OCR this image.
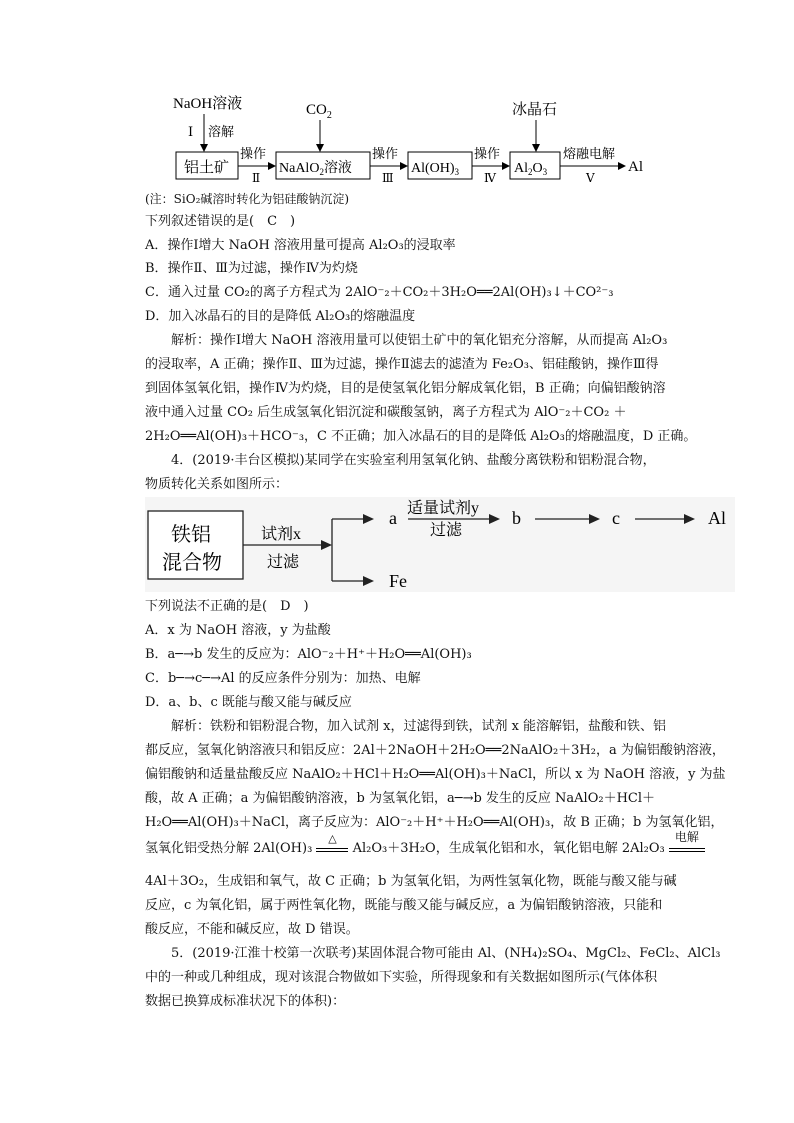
NaOH溶液
Ⅰ 溶解
$CO_2$	冰晶石
铝土矿
操作
Ⅱ
NaAlO$_2$溶液
操作
Ⅲ
$Al(OH)_3$
操作
Ⅳ
$Al_2O_3$
熔融电解
Ⅴ
Al
(注：SiO₂碱溶时转化为铝硅酸钠沉淀)
下列叙述错误的是(　C　)
A．操作Ⅰ增大 NaOH 溶液用量可提高 Al₂O₃的浸取率
B．操作Ⅱ、Ⅲ为过滤，操作Ⅳ为灼烧
C．通入过量 CO₂的离子方程式为 2AlO⁻₂＋CO₂＋3H₂O══2Al(OH)₃↓＋CO²⁻₃
D．加入冰晶石的目的是降低 Al₂O₃的熔融温度
　　解析：操作Ⅰ增大 NaOH 溶液用量可以使铝土矿中的氧化铝充分溶解，从而提高 Al₂O₃
的浸取率，A 正确；操作Ⅱ、Ⅲ为过滤，操作Ⅱ滤去的滤渣为 Fe₂O₃、铝硅酸钠，操作Ⅲ得
到固体氢氧化铝，操作Ⅳ为灼烧，目的是使氢氧化铝分解成氧化铝，B 正确；向偏铝酸钠溶
液中通入过量 CO₂ 后生成氢氧化铝沉淀和碳酸氢钠，离子方程式为 AlO⁻₂＋CO₂ ＋
2H₂O══Al(OH)₃＋HCO⁻₃，C 不正确；加入冰晶石的目的是降低 Al₂O₃的熔融温度，D 正确。
　　4．(2019·丰台区模拟)某同学在实验室利用氢氧化钠、盐酸分离铁粉和铝粉混合物，
物质转化关系如图所示：
铁铝
混合物
试剂x
过滤
a
Fe
适量试剂y
过滤
b	c	Al
下列说法不正确的是(　D　)
A．x 为 NaOH 溶液，y 为盐酸
B．a─→b 发生的反应为：AlO⁻₂＋H⁺＋H₂O══Al(OH)₃
C．b─→c─→Al 的反应条件分别为：加热、电解
D．a、b、c 既能与酸又能与碱反应
　　解析：铁粉和铝粉混合物，加入试剂 x，过滤得到铁，试剂 x 能溶解铝，盐酸和铁、铝
都反应，氢氧化钠溶液只和铝反应：2Al＋2NaOH＋2H₂O══2NaAlO₂＋3H₂，a 为偏铝酸钠溶液，
偏铝酸钠和适量盐酸反应 NaAlO₂＋HCl＋H₂O══Al(OH)₃＋NaCl，所以 x 为 NaOH 溶液，y 为盐
酸，故 A 正确；a 为偏铝酸钠溶液，b 为氢氧化铝，a─→b 发生的反应 NaAlO₂＋HCl＋
H₂O══Al(OH)₃＋NaCl，离子反应为：AlO⁻₂＋H⁺＋H₂O══Al(OH)₃，故 B 正确；b 为氢氧化铝，
氢氧化铝受热分解 2Al(OH)₃
△
Al₂O₃＋3H₂O，生成氧化铝和水，氧化铝电解 2Al₂O₃
电解
4Al＋3O₂，生成铝和氧气，故 C 正确；b 为氢氧化铝，为两性氢氧化物，既能与酸又能与碱
反应，c 为氧化铝，属于两性氧化物，既能与酸又能与碱反应，a 为偏铝酸钠溶液，只能和
酸反应，不能和碱反应，故 D 错误。
　　5．(2019·江淮十校第一次联考)某固体混合物可能由 Al、(NH₄)₂SO₄、MgCl₂、FeCl₂、AlCl₃
中的一种或几种组成，现对该混合物做如下实验，所得现象和有关数据如图所示(气体体积
数据已换算成标准状况下的体积)：
